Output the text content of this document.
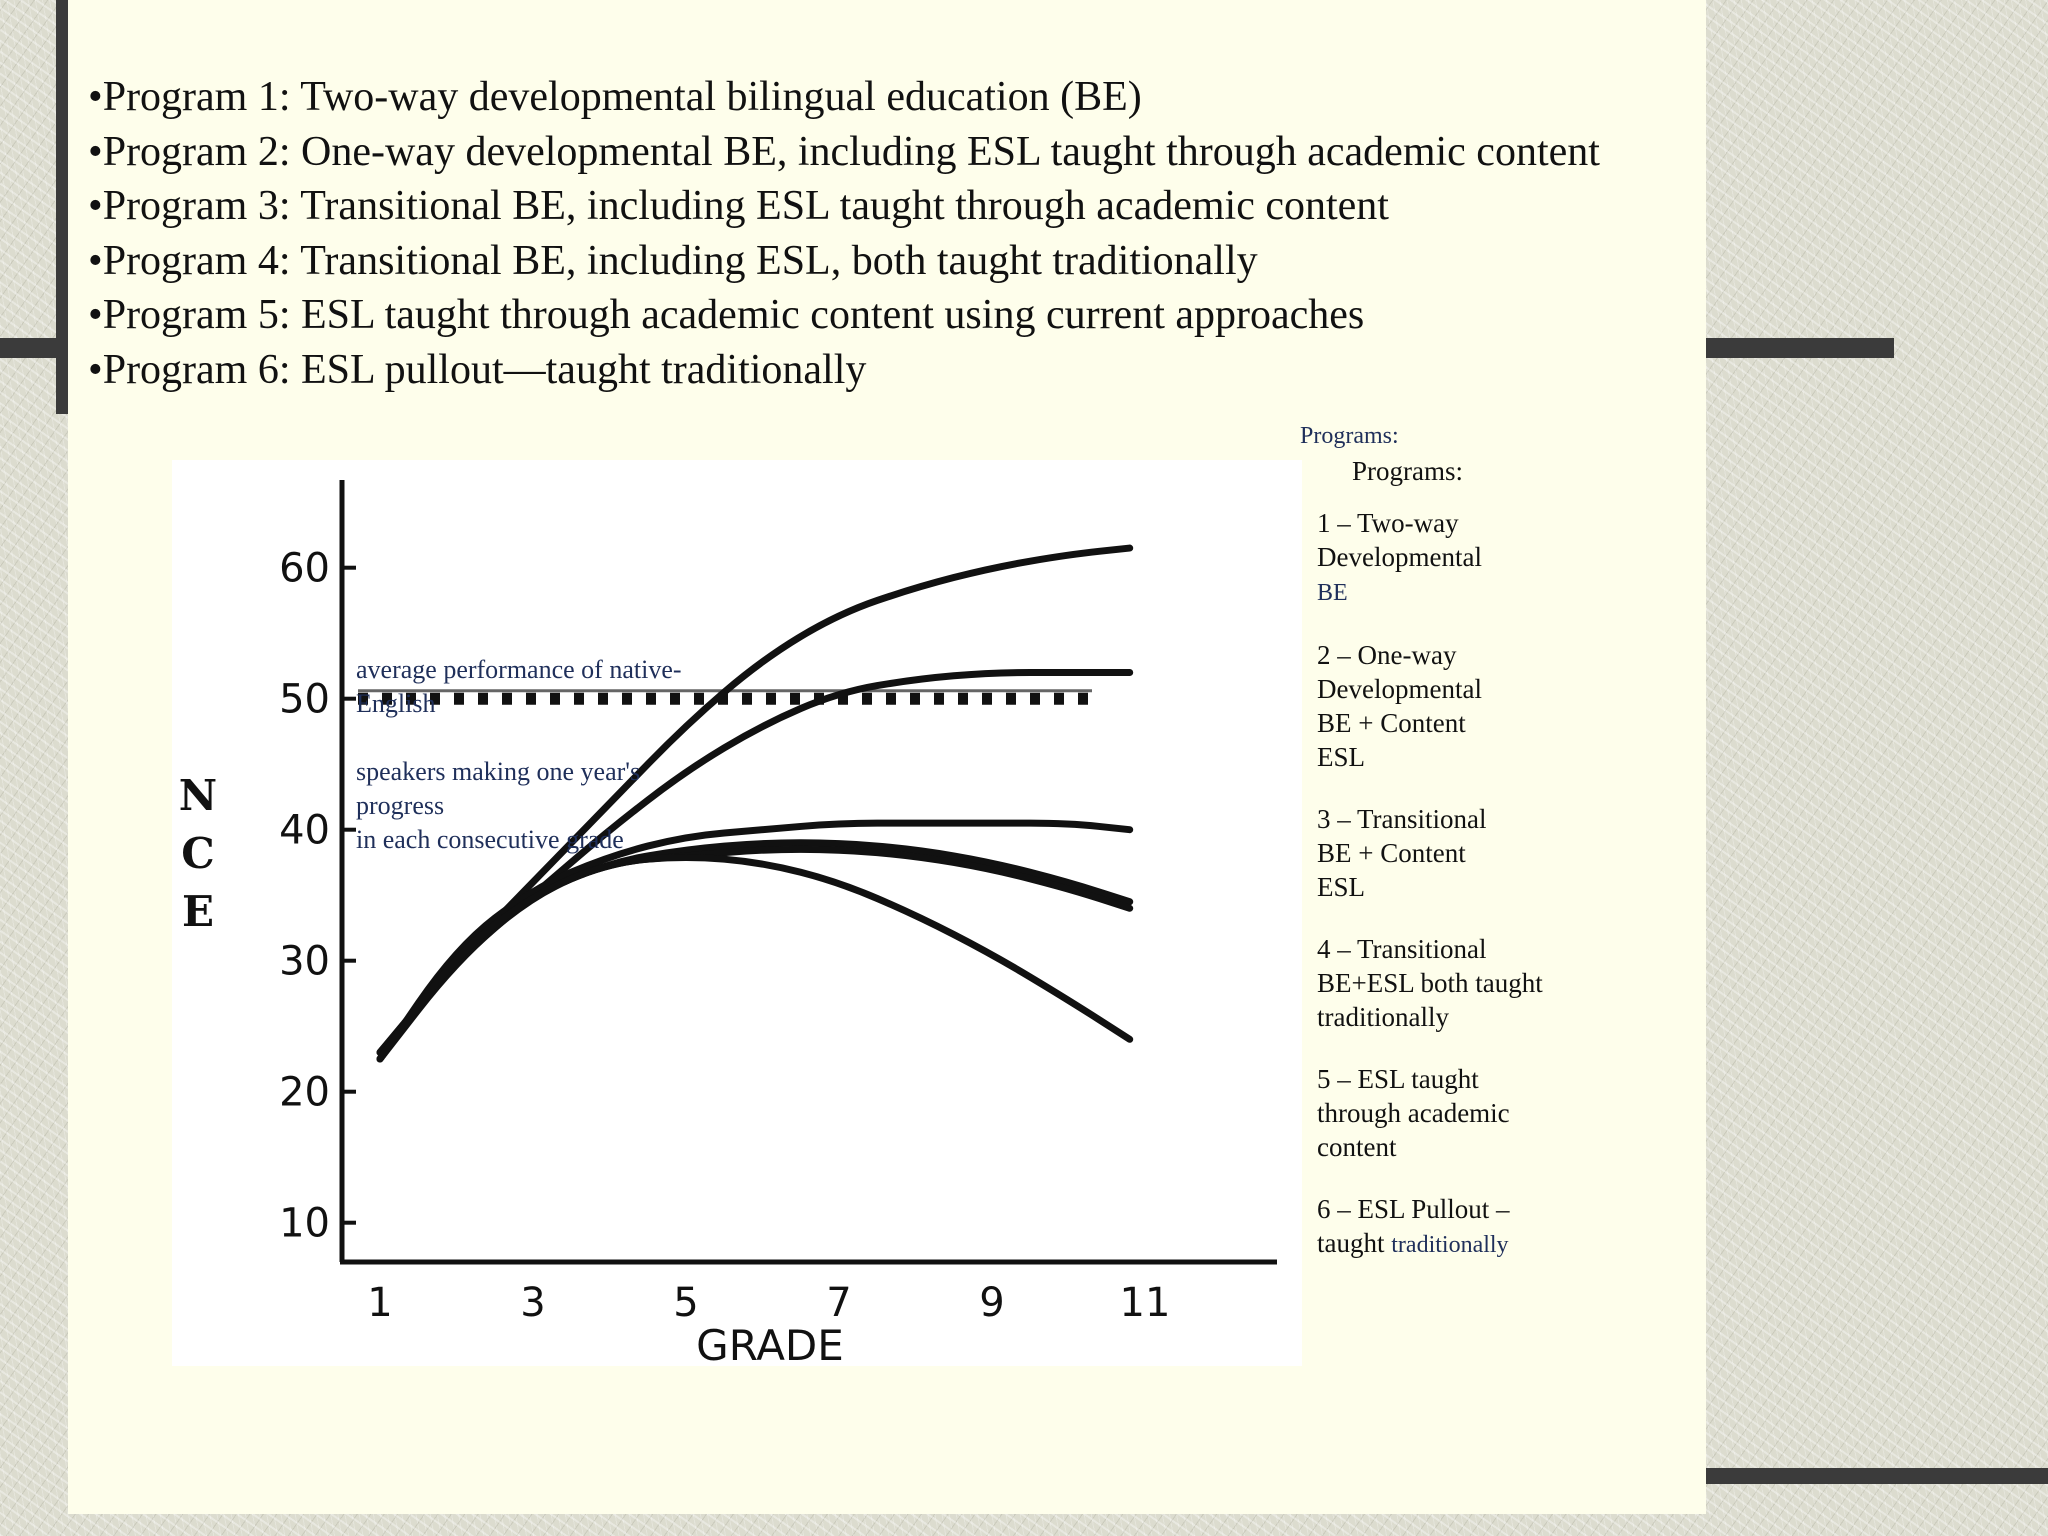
•Program 1: Two-way developmental bilingual education (BE)
•Program 2: One-way developmental BE, including ESL taught through academic content
•Program 3: Transitional BE, including ESL taught through academic content
•Program 4: Transitional BE, including ESL, both taught traditionally
•Program 5: ESL taught through academic content using current approaches
•Program 6: ESL pullout—taught traditionally
10
20
30
40
50
60
1	3	5	7	9	11
GRADE
N
C
E
average performance of native-
English
speakers making one year's
progress
in each consecutive grade
Programs:
Programs:
1 – Two-way
Developmental
BE
2 – One-way
Developmental
BE + Content
ESL
3 – Transitional
BE + Content
ESL
4 – Transitional
BE+ESL both taught
traditionally
5 – ESL taught
through academic
content
6 – ESL Pullout –
taught traditionally
